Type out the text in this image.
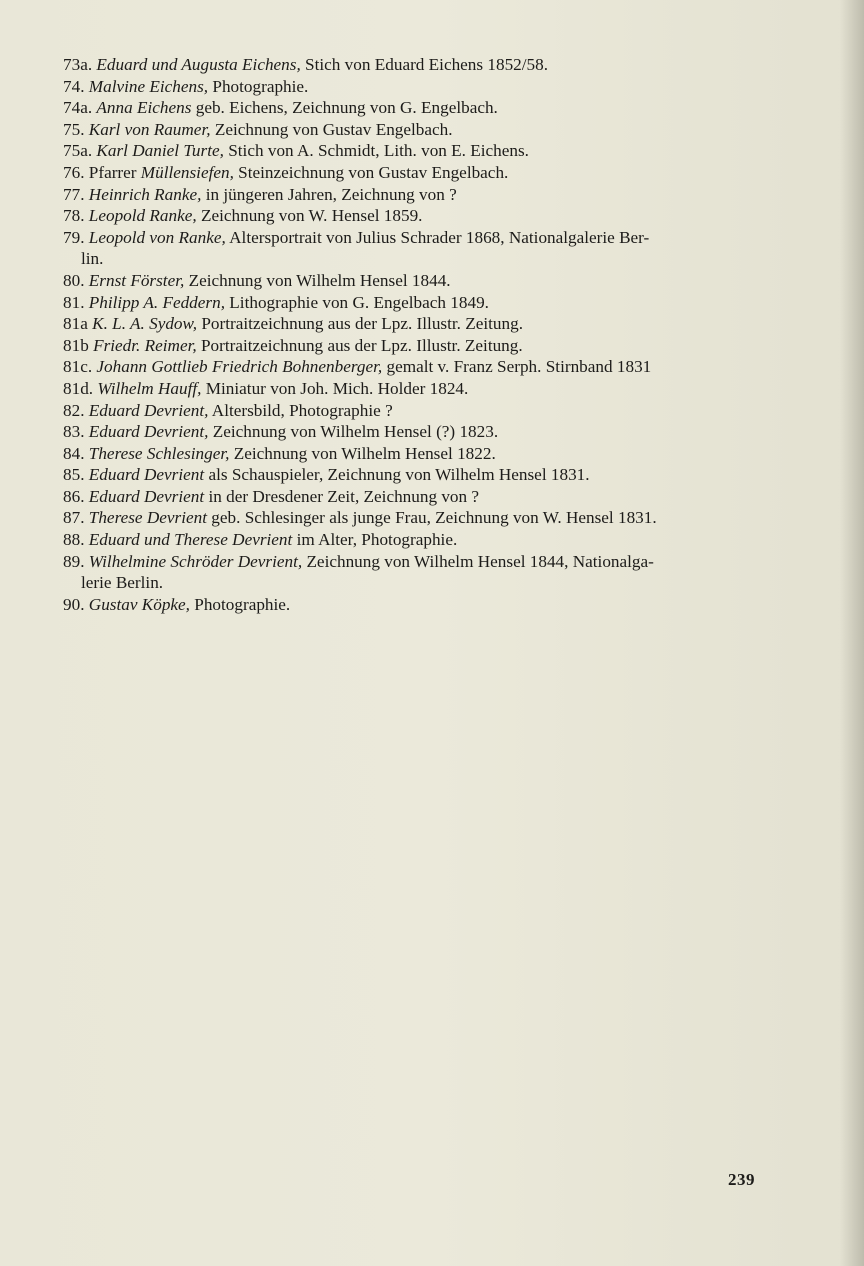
73a. Eduard und Augusta Eichens, Stich von Eduard Eichens 1852/58.
74. Malvine Eichens, Photographie.
74a. Anna Eichens geb. Eichens, Zeichnung von G. Engelbach.
75. Karl von Raumer, Zeichnung von Gustav Engelbach.
75a. Karl Daniel Turte, Stich von A. Schmidt, Lith. von E. Eichens.
76. Pfarrer Müllensiefen, Steinzeichnung von Gustav Engelbach.
77. Heinrich Ranke, in jüngeren Jahren, Zeichnung von ?
78. Leopold Ranke, Zeichnung von W. Hensel 1859.
79. Leopold von Ranke, Altersportrait von Julius Schrader 1868, Nationalgalerie Ber-
lin.
80. Ernst Förster, Zeichnung von Wilhelm Hensel 1844.
81. Philipp A. Feddern, Lithographie von G. Engelbach 1849.
81a K. L. A. Sydow, Portraitzeichnung aus der Lpz. Illustr. Zeitung.
81b Friedr. Reimer, Portraitzeichnung aus der Lpz. Illustr. Zeitung.
81c. Johann Gottlieb Friedrich Bohnenberger, gemalt v. Franz Serph. Stirnband 1831
81d. Wilhelm Hauff, Miniatur von Joh. Mich. Holder 1824.
82. Eduard Devrient, Altersbild, Photographie ?
83. Eduard Devrient, Zeichnung von Wilhelm Hensel (?) 1823.
84. Therese Schlesinger, Zeichnung von Wilhelm Hensel 1822.
85. Eduard Devrient als Schauspieler, Zeichnung von Wilhelm Hensel 1831.
86. Eduard Devrient in der Dresdener Zeit, Zeichnung von ?
87. Therese Devrient geb. Schlesinger als junge Frau, Zeichnung von W. Hensel 1831.
88. Eduard und Therese Devrient im Alter, Photographie.
89. Wilhelmine Schröder Devrient, Zeichnung von Wilhelm Hensel 1844, Nationalga-
lerie Berlin.
90. Gustav Köpke, Photographie.
239
